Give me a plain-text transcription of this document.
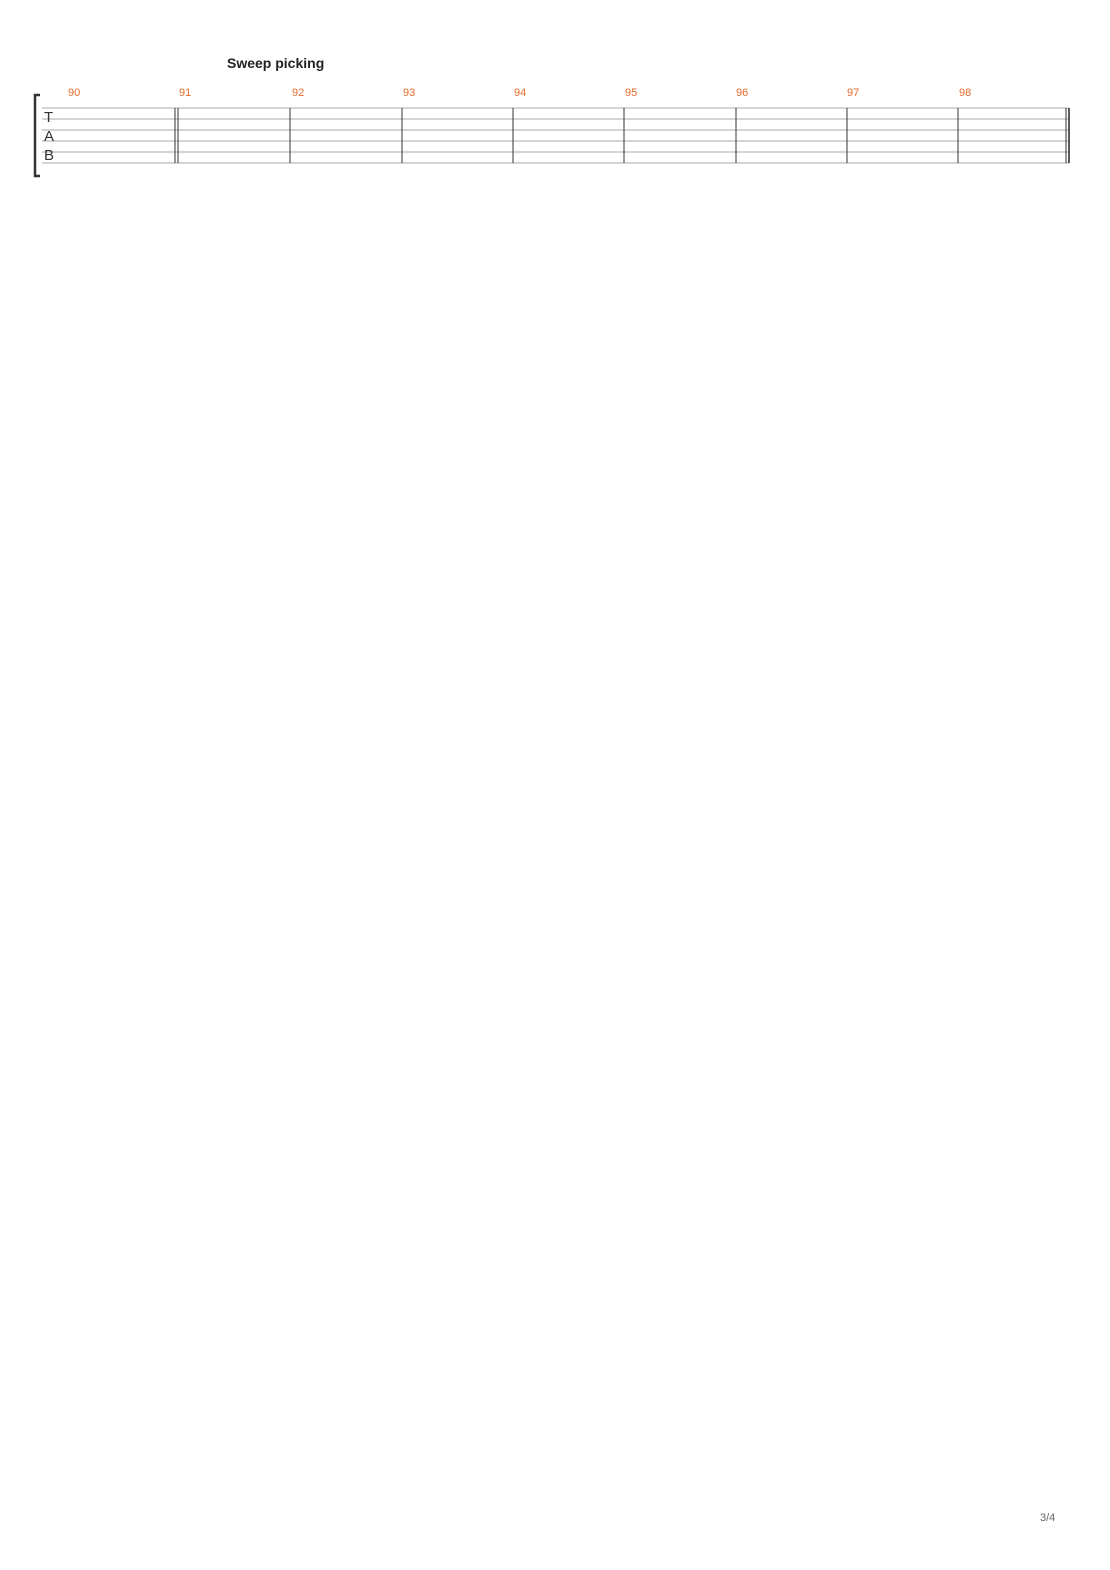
Sweep picking
T
A
B
90	91	92	93	94	95	96	97	98
3/4
